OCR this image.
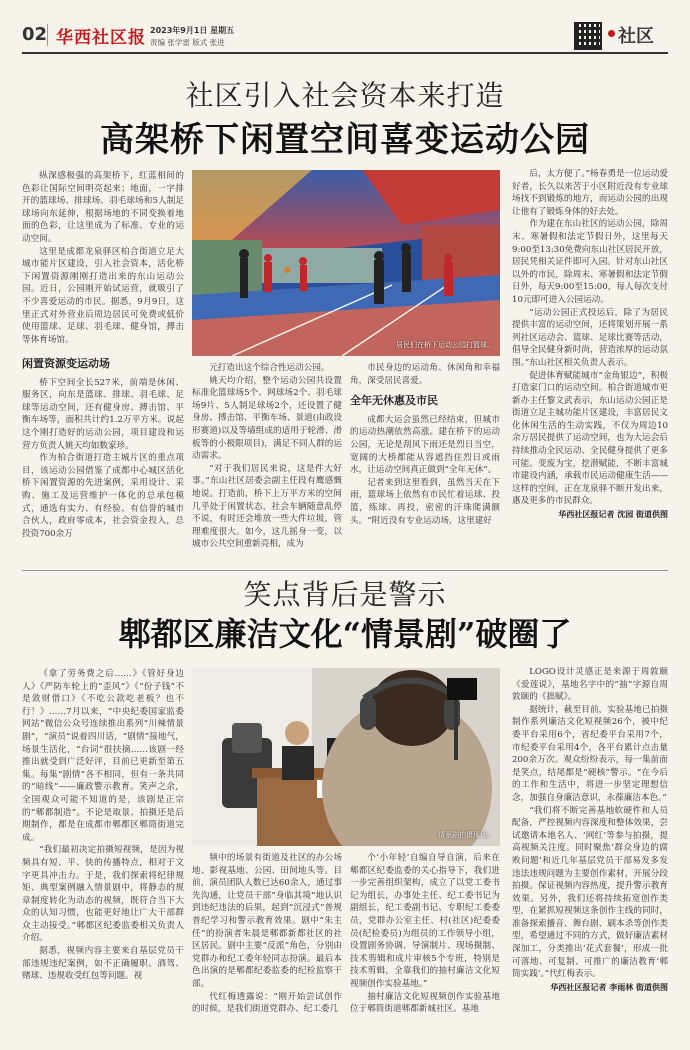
02 华西社区报 2023年9月1日 星期五
责编 张学雷 版式 张进	社区
社区引入社会资本来打造
高架桥下闲置空间喜变运动公园

纵深感极强的高架桥下，红蓝相间的色彩让国际空间明亮起来；地面，一字排开的篮球场、排球场、羽毛球场和5人制足球场向东延伸，根据场地的不同变换着地面的色彩，让这里成为了标准、专业的运动空间。

这里是成都龙泉驿区柏合街道立足大城市能片区建设，引入社会资本，活化桥下闲置资源刚刚打造出来的东山运动公园。近日，公园刚开始试运营，就吸引了不少喜爱运动的市民。据悉，9月9日，这里正式对外营业后周边居民可免费或低价使用篮球、足球、羽毛球、健身馆，搏击等体育场馆。

居民们在桥下运动公园打篮球。
闲置资源变运动场

桥下空间全长527米，前端是休闲、服务区，向东是篮球、排球、羽毛球、足球等运动空间，还有健身房、搏击馆、平衡车场等，面积共计约1.2万平方米。说起这个刚打造好的运动公园，项目建设和运营方负责人姚天均如数家珍。

作为柏合街道打造主城片区的重点项目，该运动公园借鉴了成都中心城区活化桥下闲置资源的先进案例，采用设计、采购、施工及运营维护一体化的总承包模式，通选有实力、有经验、有信誉的城市合伙人，政府零成本，社会资金投入，总投资700余万

元打造出这个综合性运动公园。

姚天均介绍，整个运动公园共设置标准化篮球场5个、网球场2个、羽毛球场9片、5人制足球场2个，还设置了健身房、搏击馆、平衡车场、景道(由政设形赛道)以及等墙组成的适用于轮滑、滑板等的小极限项目)，满足不同人群的运动需求。

“对于我们居民来说，这是件大好事。”东山社区居委会副主任段有鹰感慨地说。打造前，桥下上万平方米的空间几乎处于闲置状态，社会车辆随意乱停不说，有时还会堆放一些大件垃圾，管理难度很大。如今，这儿摇身一变，以城市公共空间重新亮相，成为

市民身边的运动角、休闲角和幸福角，深受居民喜爱。

全年无休惠及市民

成都大运会虽然已经结束，但城市的运动热潮依然高涨。建在桥下的运动公园，无论是刮风下雨还是烈日当空，宽阔的大桥都能从容遮挡住烈日或雨水，让运动空间真正做到“全年无休”。

记者来到这里看到，虽然当天在下雨，篮球场上依然有市民忙着运球、投篮，练球、再投，密密的汗珠爬满额头。“附近没有专业运动场，这里建好

后，太方便了。”杨春勇是一位运动爱好者，长久以来苦于小区附近没有专业球场找不到锻炼的地方，而运动公园的出现让他有了锻炼身体的好去处。

作为建在东山社区的运动公园，除周末、寒暑假和法定节假日外，这里每天9:00至13:30免费向东山社区居民开放，居民凭相关证件即可入园。针对东山社区以外的市民，除周末、寒暑假和法定节假日外，每天9:00至15:00，每人每次支付10元即可进入公园运动。

“运动公园正式投运后，除了为居民提供丰富的运动空间，还将策划开展一系列社区运动会、篮球、足球比赛等活动，倡导全民健身新时尚，营造浓厚的运动氛围。”东山社区相关负责人表示。

促进体育赋能城市“金角银边”，积极打造家门口的运动空间。柏合街道城市更新办主任黎文武表示，东山运动公园正是街道立足主城功能片区建设，丰富居民文化休闲生活的生动实践，不仅为周边10余万居民提供了运动空间，也为大运会后持续推动全民运动、全民健身提供了更多可能。变废为宝，挖潜赋能，不断丰富城市建设内涵，承载市民运动健康生活——这样的空间，正在龙泉驿不断开发出来，惠及更多的市民群众。

华西社区报记者 沈园 街道供图

笑点背后是警示
郫都区廉洁文化“情景剧”破圈了

《拿了劳务费之后……》《管好身边人》《严防车轮上的“歪风”》《“份子钱”不是敛财借口》《不吃公款吃老板？也不行！》……7月以来，“中央纪委国家监委网站”微信公众号连续推出系列“川辣情景剧”，“演员”说着四川话，“剧情”接地气，场景生活化，“台词”很扶摘……该剧一经推出就受到广泛好评，目前已更新至第五集。每集“剧情”各不相同，但有一条共同的“暗线”——廉政警示教育。笑声之余，全国观众可能不知道的是，该剧是正宗的“郫都制造”。不论是取景、拍摄还是后期制作，都是在成都市郫都区郫筒街道完成。

“我们最初决定拍摄短视频，是因为视频具有短、平、快的传播特点，相对于文字更具冲击力。于是，我们探索将纪律规矩、典型案例融入情景剧中，将静态的规章制度转化为动态的视频，既符合当下大众的认知习惯，也能更好地让广大干部群众主动接受。”郫都区纪委监委相关负责人介绍。

据悉，视频内容主要来自基层党员干部违规违纪案例，如不正确履职、酒驾、赌球、违规收受红包等问题。视

情景剧拍摄现场。

频中的场景有街道及社区的办公场地、影视基地、公园、田间地头等。目前，演员团队人数已达60余人，通过事先沟通，让党员干部“身临其境”地认识到违纪违法的后果，起到“沉浸式”普规普纪学习和警示教育效果。剧中“朱主任”的扮演者朱晨是郫都新都社区的社区居民。剧中主要“反派”角色，分别由党群办和纪工委年轻同志扮演。最后本色出演的是郫都纪委监委的纪检监察干部。

代红梅透露说：“刚开始尝试创作的时候，是我们街道党群办、纪工委几

个‘小年轻’自编自导自演，后来在郫都区纪委监委的关心指导下，我们进一步完善组织架构，成立了以党工委书记为组长，办事处主任、纪工委书记为副组长，纪工委副书记、专职纪工委委员，党群办公室主任、村(社区)纪委委员(纪检委员)为组员的工作领导小组，设置剧务协调、导演制片、现场摄制、技术剪辑和成片审核5个专班，特别是技术剪辑，全靠我们的抽村廉洁文化短视频创作实验基地。”

抽村廉洁文化短视频创作实验基地位于郫筒街道郫都新城社区。基地

LOGO设计灵感正是来源于周敦颐《爱莲说》，基地名字中的“抽”字源自周敦颐的《拙赋》。

据统计，截至目前，实验基地已拍摄制作系列廉洁文化短视频26个，被中纪委平台采用6个，省纪委平台采用7个，市纪委平台采用4个，各平台累计点击量200余万次。观众纷纷表示，每一集前面是笑点，结尾都是“硬核”警示。“在今后的工作和生活中，将进一步坚定理想信念，加强自身廉洁意识，永葆廉洁本色。”

“我们将不断完善基地软硬件和人员配备，严控视频内容深度和整体效果，尝试邀请本地名人、‘网红’等参与拍摄，提高视频关注度。同时聚焦‘群众身边的腐败问题’和近几年基层党员干部易发多发违法违规问题为主要创作素材，开展分段拍摄。保证视频内容热度，提升警示教育效果。另外，我们还将持续拓宽创作类型，在紧抓短视频这条创作主线的同时，准备探索播音、舞台剧、刷本杀等创作类型，希望通过不同的方式，做好廉洁素材深加工，分类推出‘花式套餐’，形成一批可落地、可复制、可推广的廉洁教育‘郫筒实践’。”代红梅表示。

华西社区报记者 李雨林 街道供图
